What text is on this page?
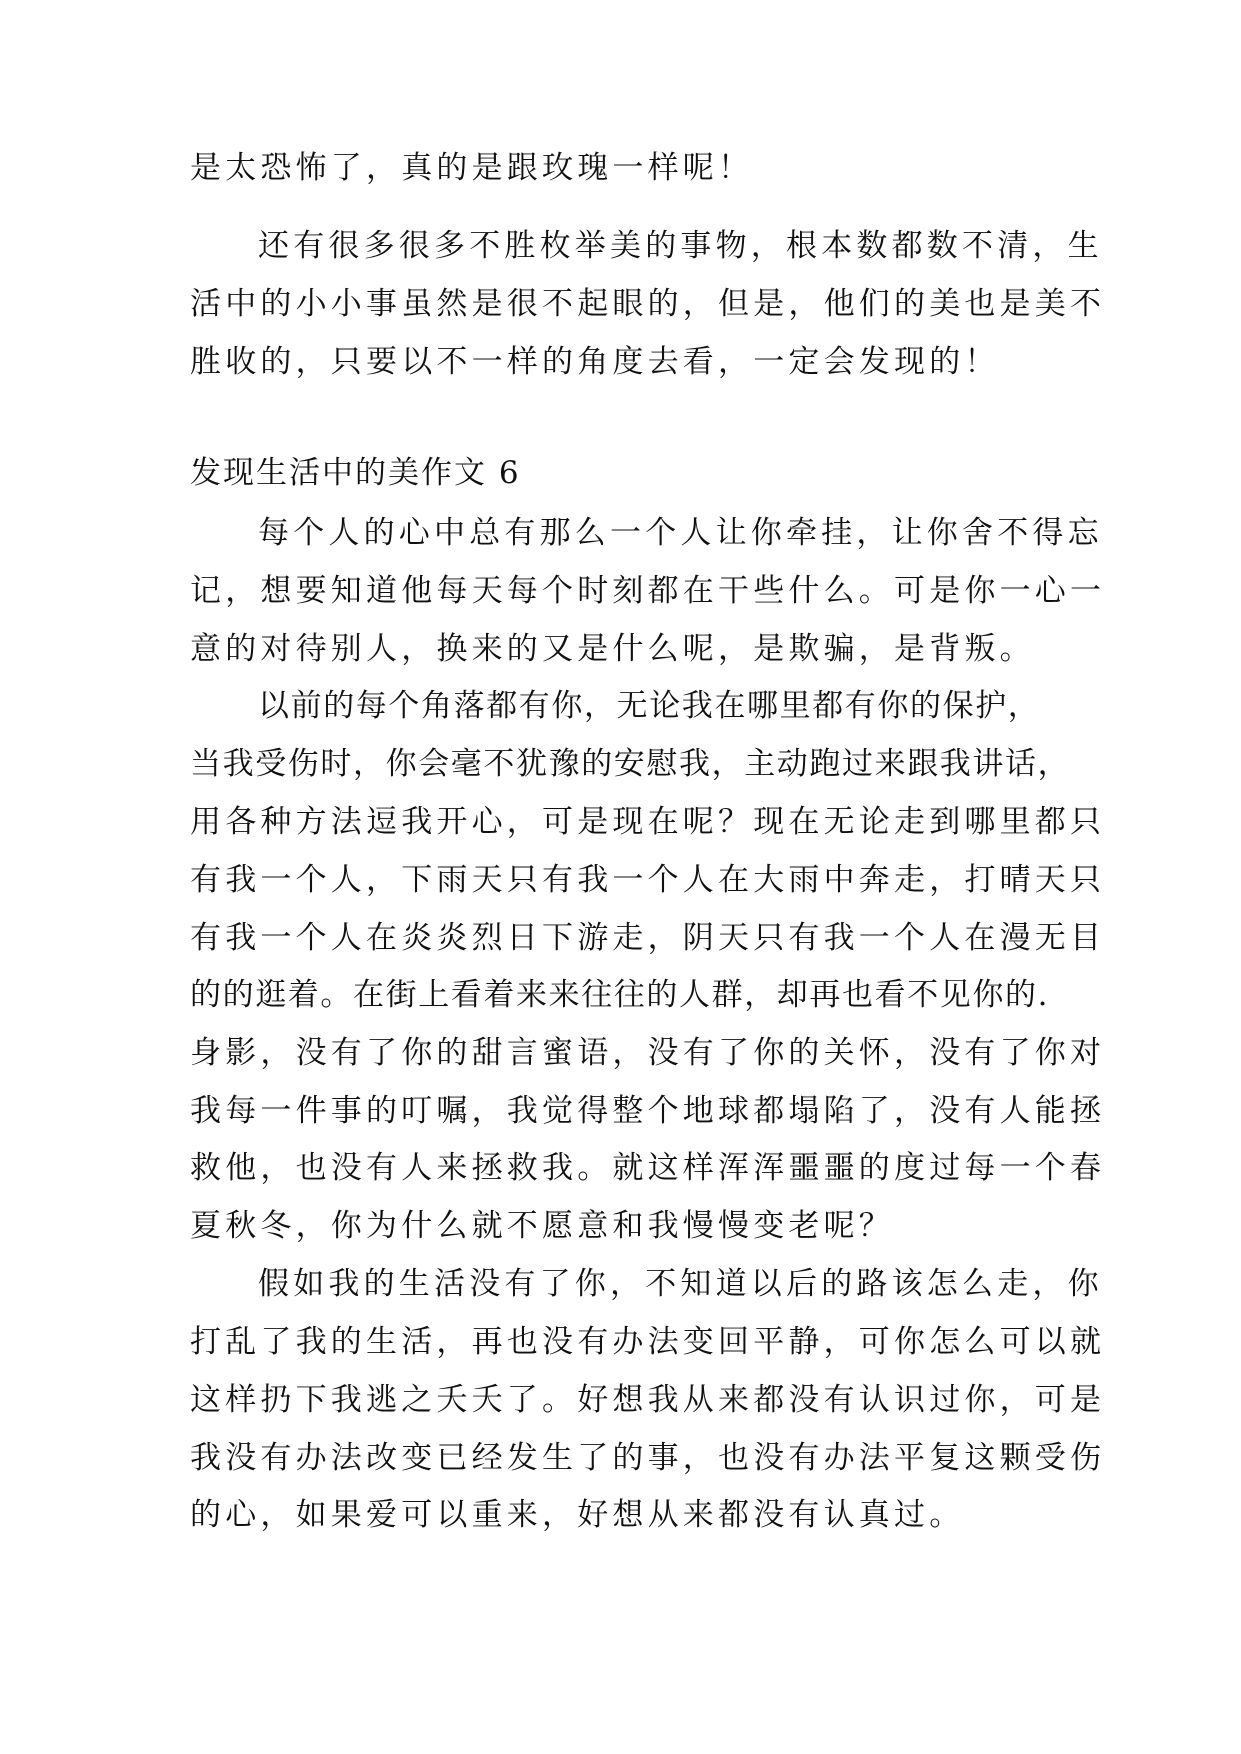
是太恐怖了，真的是跟玫瑰一样呢！
还有很多很多不胜枚举美的事物，根本数都数不清，生
活中的小小事虽然是很不起眼的，但是，他们的美也是美不
胜收的，只要以不一样的角度去看，一定会发现的！
发现生活中的美作文 6
每个人的心中总有那么一个人让你牵挂，让你舍不得忘
记，想要知道他每天每个时刻都在干些什么。可是你一心一
意的对待别人，换来的又是什么呢，是欺骗，是背叛。
以前的每个角落都有你，无论我在哪里都有你的保护，
当我受伤时，你会毫不犹豫的安慰我，主动跑过来跟我讲话，
用各种方法逗我开心，可是现在呢？现在无论走到哪里都只
有我一个人，下雨天只有我一个人在大雨中奔走，打晴天只
有我一个人在炎炎烈日下游走，阴天只有我一个人在漫无目
的的逛着。在街上看着来来往往的人群，却再也看不见你的.
身影，没有了你的甜言蜜语，没有了你的关怀，没有了你对
我每一件事的叮嘱，我觉得整个地球都塌陷了，没有人能拯
救他，也没有人来拯救我。就这样浑浑噩噩的度过每一个春
夏秋冬，你为什么就不愿意和我慢慢变老呢？
假如我的生活没有了你，不知道以后的路该怎么走，你
打乱了我的生活，再也没有办法变回平静，可你怎么可以就
这样扔下我逃之夭夭了。好想我从来都没有认识过你，可是
我没有办法改变已经发生了的事，也没有办法平复这颗受伤
的心，如果爱可以重来，好想从来都没有认真过。
